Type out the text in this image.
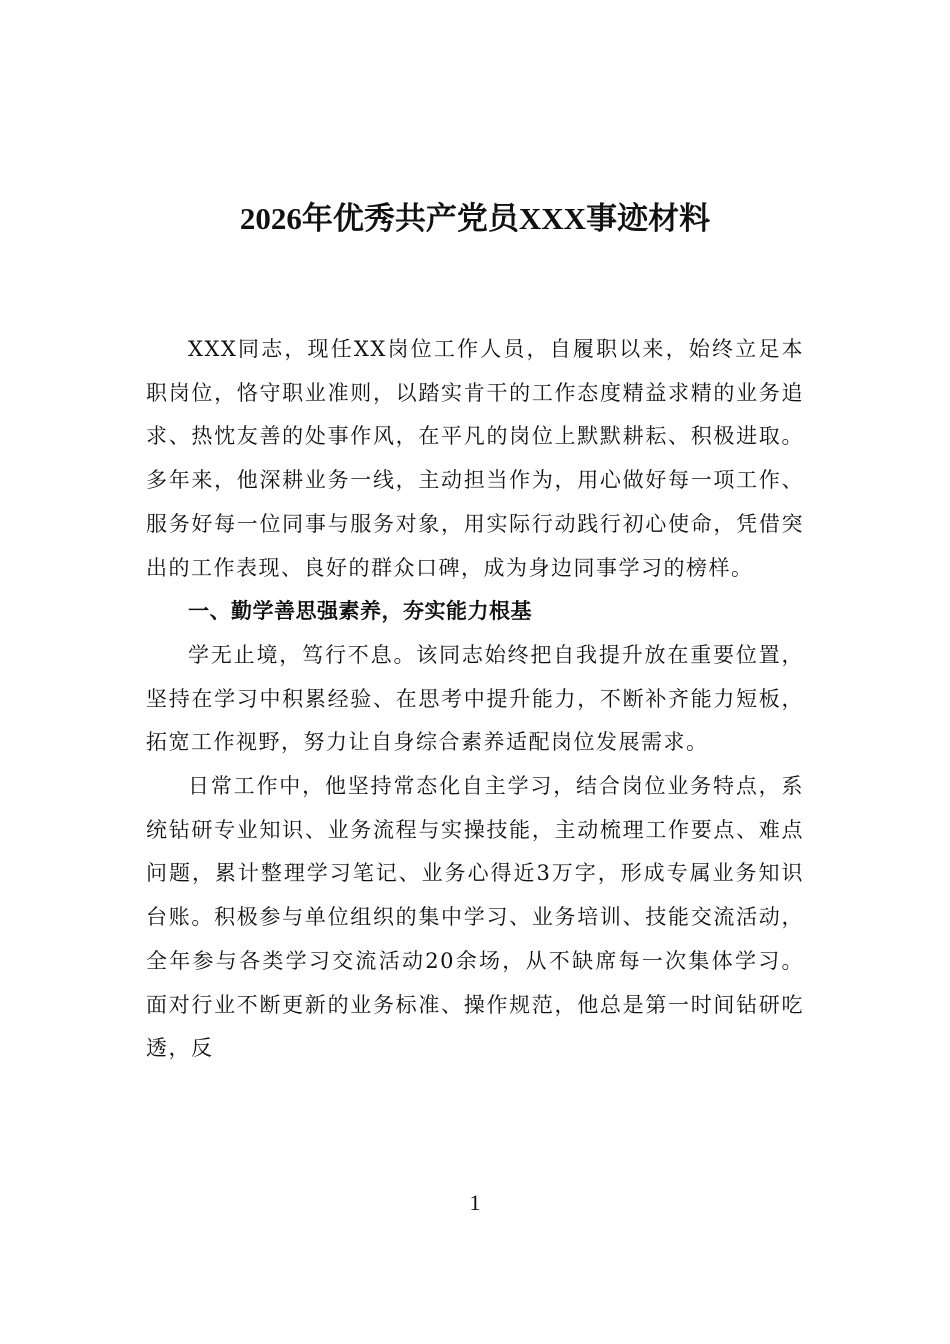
2026年优秀共产党员XXX事迹材料

XXX同志，现任XX岗位工作人员，自履职以来，始终立足本职岗位，恪守职业准则，以踏实肯干的工作态度精益求精的业务追求、热忱友善的处事作风，在平凡的岗位上默默耕耘、积极进取。多年来，他深耕业务一线，主动担当作为，用心做好每一项工作、服务好每一位同事与服务对象，用实际行动践行初心使命，凭借突出的工作表现、良好的群众口碑，成为身边同事学习的榜样。

一、勤学善思强素养，夯实能力根基

学无止境，笃行不息。该同志始终把自我提升放在重要位置，坚持在学习中积累经验、在思考中提升能力，不断补齐能力短板，拓宽工作视野，努力让自身综合素养适配岗位发展需求。

日常工作中，他坚持常态化自主学习，结合岗位业务特点，系统钻研专业知识、业务流程与实操技能，主动梳理工作要点、难点问题，累计整理学习笔记、业务心得近3万字，形成专属业务知识台账。积极参与单位组织的集中学习、业务培训、技能交流活动，全年参与各类学习交流活动20余场，从不缺席每一次集体学习。面对行业不断更新的业务标准、操作规范，他总是第一时间钻研吃透，反

1
